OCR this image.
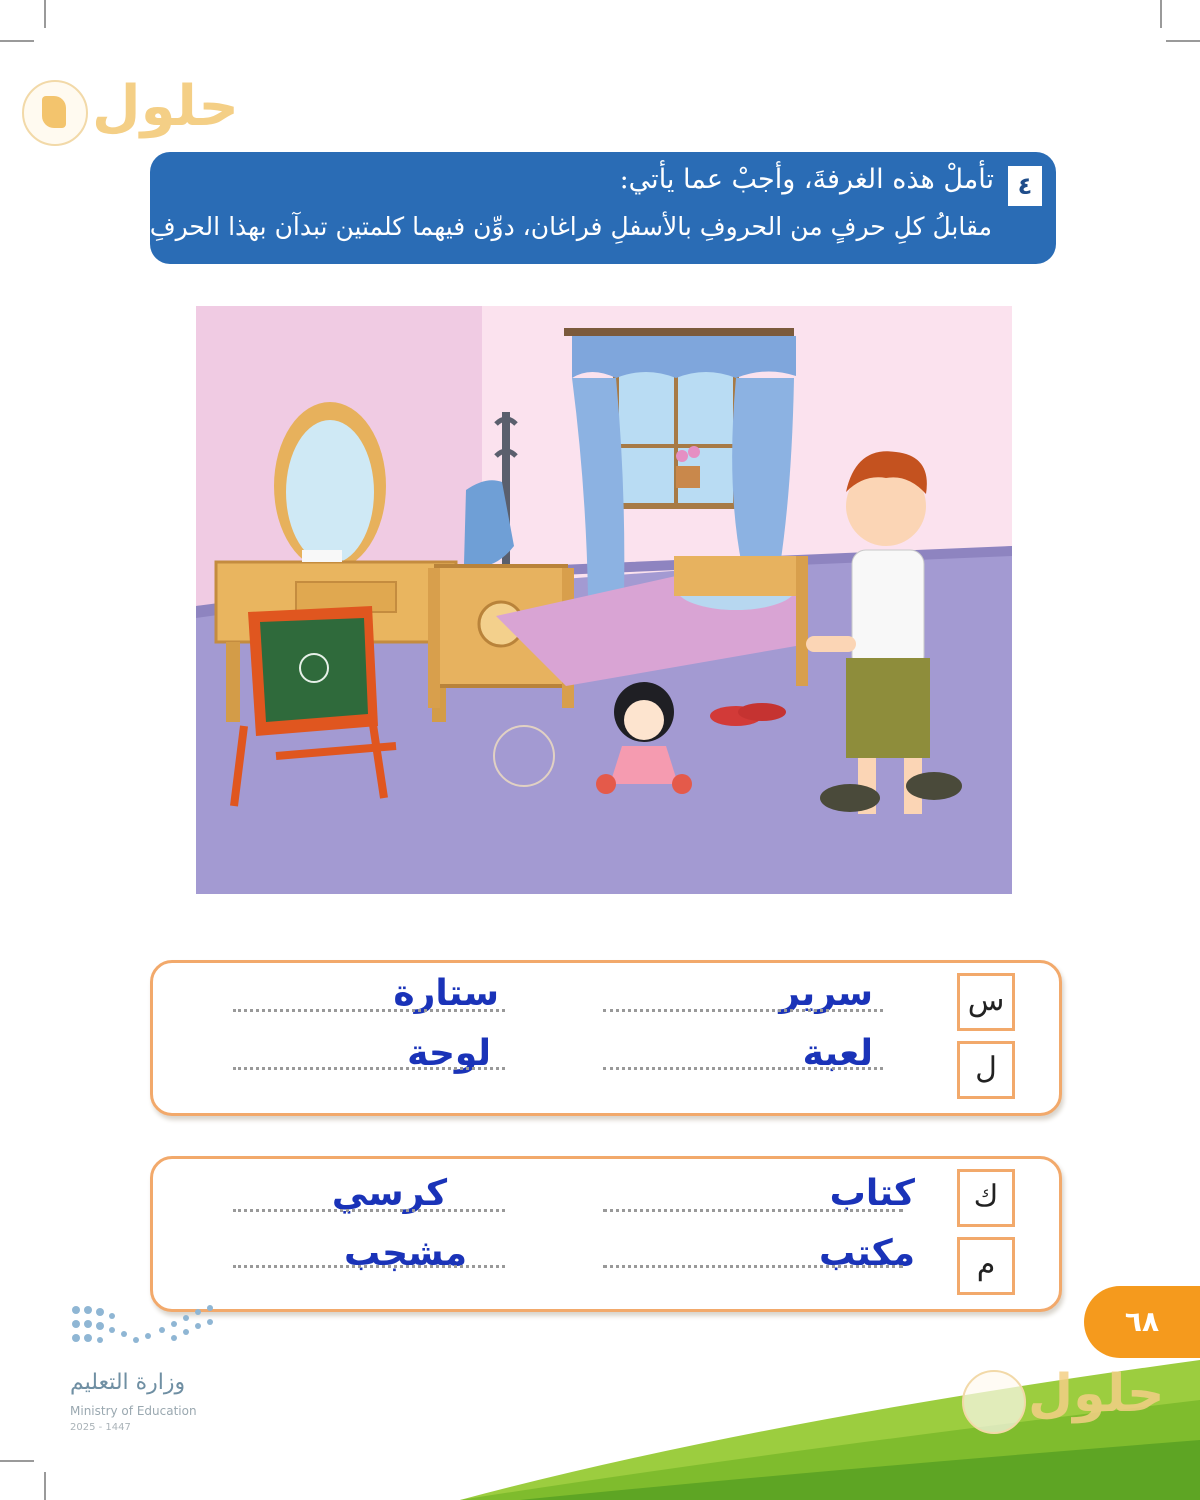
حلول
٤
تأملْ هذه الغرفةَ، وأجبْ عما يأتي:
مقابلُ كلِ حرفٍ من الحروفِ بالأسفلِ فراغان، دوِّن فيهما كلمتين تبدآن بهذا الحرفِ.
س
سرير
ستارة
ل
لعبة
لوحة
ك
كتاب
كرسي
م
مكتب
مشجب
٦٨
وزارة التعليم
Ministry of Education
2025 - 1447
حلول
